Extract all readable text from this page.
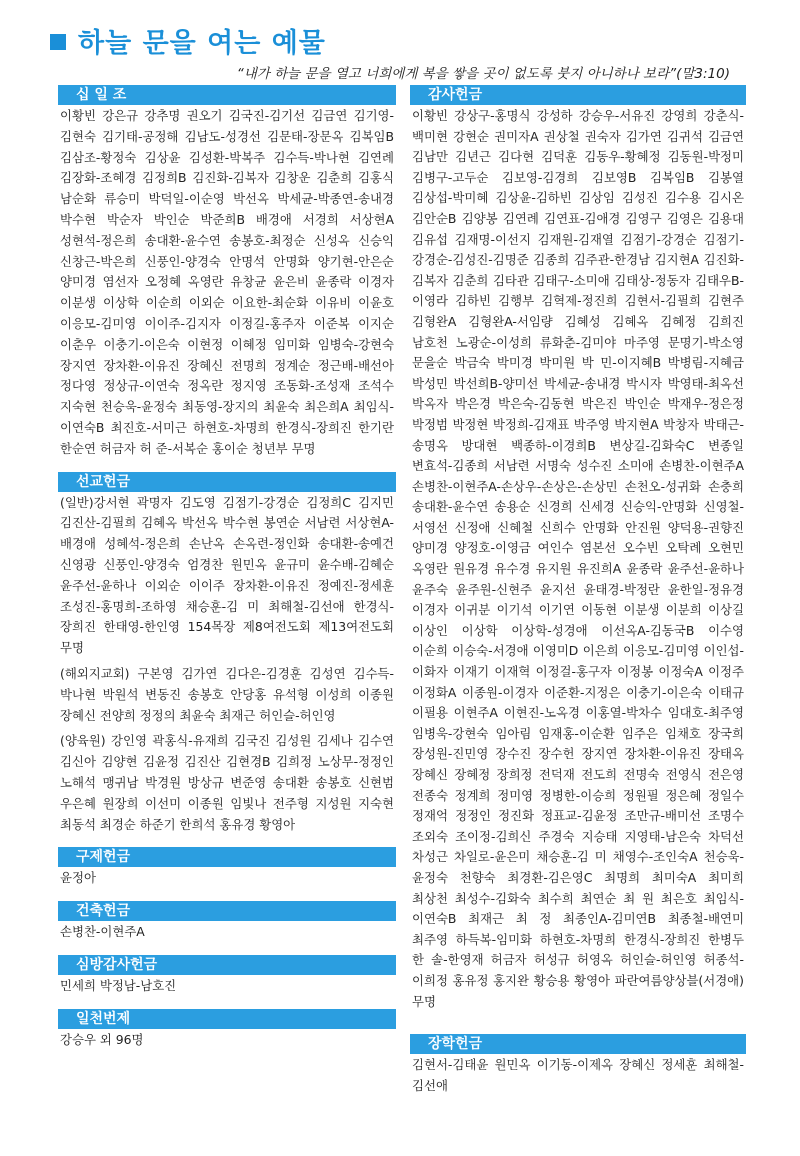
하늘 문을 여는 예물
“내가 하늘 문을 열고 너희에게 복을 쌓을 곳이 없도록 붓지 아니하나 보라”(말3:10)
십 일 조
이황빈 강은규 강추명 권오기 김국진-김기선 김금연 김기영-김현숙 김기태-공정해 김남도-성경선 김문태-장문옥 김복임B 김삼조-황정숙 김상윤 김성환-박복주 김수득-박나현 김연례 김장화-조혜경 김정희B 김진화-김복자 김창운 김춘희 김홍식 남순화 류승미 박덕일-이순영 박선옥 박세균-박종연-송내경 박수현 박순자 박인순 박준희B 배경애 서경희 서상현A 성현석-정은희 송대환-윤수연 송봉호-최정순 신성옥 신승익 신창근-박은희 신풍인-양경숙 안명석 안명화 양기현-안은순 양미경 염선자 오정혜 옥영란 유창균 윤은비 윤종락 이경자 이분생 이상학 이순희 이외순 이요한-최순화 이유비 이윤호 이응모-김미영 이이주-김지자 이정길-홍주자 이준복 이지순 이춘우 이충기-이은숙 이현정 이혜정 임미화 임병숙-강현숙 장지연 장차환-이유진 장혜신 전명희 정계순 정근배-배선아 정다영 정상규-이연숙 정옥란 정지영 조동화-조성재 조석수 지숙현 천승욱-윤정숙 최동영-장지의 최윤숙 최은희A 최임식-이연숙B 최진호-서미근 하현호-차명희 한경식-장희진 한기란 한순연 허금자 허 준-서복순 홍이순 청년부 무명
선교헌금
(일반)강서현 곽명자 김도영 김점기-강경순 김정희C 김지민 김진산-김필희 김혜옥 박선옥 박수현 봉연순 서남련 서상현A-배경애 성혜석-정은희 손난옥 손옥련-정인화 송대환-송예건 신영광 신풍인-양경숙 엄경찬 원민옥 윤규미 윤수배-김혜순 윤주선-윤하나 이외순 이이주 장차환-이유진 정예진-정세훈 조성진-홍명희-조하영 채승훈-김 미 최해철-김선애 한경식-장희진 한태영-한인영 154목장 제8여전도회 제13여전도회 무명
(해외지교회) 구본영 김가연 김다은-김경훈 김성연 김수득-박나현 박원석 변동진 송봉호 안당홍 유석형 이성희 이종원 장혜신 전양희 정정의 최윤숙 최재근 허인슬-허인영
(양육원) 강인영 곽홍식-유재희 김국진 김성원 김세나 김수연 김신아 김양현 김윤정 김진산 김현경B 김희정 노상무-정정인 노해석 맹귀남 박경원 방상규 변준영 송대환 송봉호 신현범 우은혜 원장희 이선미 이종원 임빛나 전주형 지성원 지숙현 최동석 최경순 하준기 한희석 홍유경 황영아
구제헌금
윤정아
건축헌금
손병찬-이현주A
심방감사헌금
민세희 박정남-남호진
일천번제
강승우 외 96명
감사헌금
이황빈 강상구-홍명식 강성하 강승우-서유진 강영희 강춘식-백미현 강현순 권미자A 권상철 권숙자 김가연 김귀석 김금연 김남만 김년근 김다현 김덕훈 김동우-황혜정 김동원-박정미 김병구-고두순 김보영-김경희 김보영B 김복임B 김봉열 김상섭-박미혜 김상윤-김하빈 김상임 김성진 김수용 김시온 김안순B 김양봉 김연례 김연표-김애경 김영구 김영은 김용대 김유섭 김재명-이선지 김재원-김재열 김점기-강경순 김점기-강경순-김성진-김명준 김종희 김주관-한경남 김지현A 김진화-김복자 김춘희 김타관 김태구-소미애 김태상-정동자 김태우B-이영라 김하빈 김행부 김혁제-정진희 김현서-김필희 김현주 김형완A 김형완A-서임량 김혜성 김혜옥 김혜정 김희진 남호천 노광순-이성희 류화춘-김미야 마주영 문명기-박소영 문을순 박금숙 박미경 박미원 박 민-이지혜B 박병림-지혜금 박성민 박선희B-양미선 박세균-송내경 박시자 박영태-최옥선 박옥자 박은경 박은숙-김동현 박은진 박인순 박재우-정은정 박정범 박정현 박정희-김재표 박주영 박지현A 박창자 박태근-송명옥 방대현 백종하-이경희B 변상길-김화숙C 변종일 변효석-김종희 서남련 서명숙 성수진 소미애 손병찬-이현주A 손병찬-이현주A-손상우-손상은-손상민 손천오-성귀화 손충희 송대환-윤수연 송용순 신경희 신세경 신승익-안명화 신영철-서영선 신정애 신혜철 신희수 안명화 안진원 양덕용-권향진 양미경 양정호-이영금 여인수 염본선 오수빈 오탁례 오현민 옥영란 원유경 유수경 유지원 유진희A 윤종락 윤주선-윤하나 윤주숙 윤주원-신현주 윤지선 윤태경-박정란 윤한일-정유경 이경자 이귀분 이기석 이기연 이동현 이분생 이분희 이상길 이상인 이상학 이상학-성경애 이선옥A-김동국B 이수영 이순희 이승숙-서경애 이영미D 이은희 이응모-김미영 이인섭-이화자 이재기 이재혁 이정걸-홍구자 이정봉 이정숙A 이정주 이정화A 이종원-이경자 이준환-지정은 이충기-이은숙 이태규 이필용 이현주A 이현진-노옥경 이홍열-박차수 임대호-최주영 임병욱-강현숙 임아림 임재홍-이순환 임주은 임채호 장국희 장성원-진민영 장수진 장수헌 장지연 장차환-이유진 장태옥 장혜신 장혜정 장희정 전덕재 전도희 전명숙 전영식 전은영 전종숙 정계희 정미영 정병한-이승희 정원필 정은혜 정일수 정재억 정정인 정진화 정표교-김윤정 조만규-배미선 조명수 조외숙 조이정-김희신 주경숙 지승태 지영태-남은숙 차덕선 차성근 차일로-윤은미 채승훈-김 미 채영수-조인숙A 천승욱-윤정숙 천향숙 최경환-김은영C 최명희 최미숙A 최미희 최상천 최성수-김화숙 최수희 최연순 최 원 최은호 최임식-이연숙B 최재근 최 정 최종인A-김미연B 최종철-배연미 최주영 하득복-임미화 하현호-차명희 한경식-장희진 한병두 한 솔-한영재 허금자 허성규 허영옥 허인슬-허인영 허종석-이희정 홍유정 홍지완 황승용 황영아 파란여름양상블(서경애) 무명
장학헌금
김현서-김태윤 원민옥 이기동-이제옥 장혜신 정세훈 최해철-김선애
